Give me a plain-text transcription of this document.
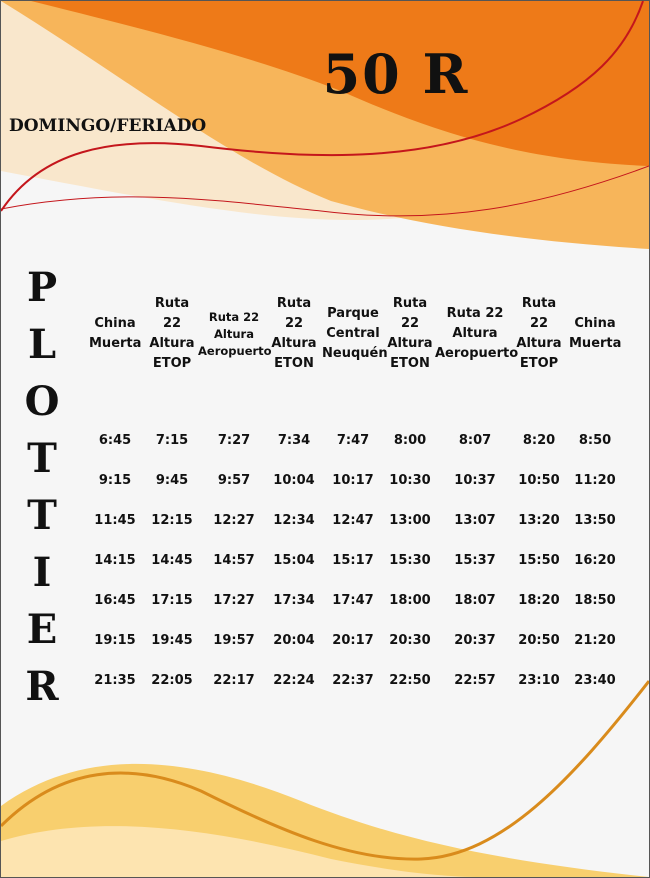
50 R
DOMINGO/FERIADO
PLOTTIER
China Muerta
Ruta 22 Altura ETOP
Ruta 22 Altura Aeropuerto
Ruta 22 Altura ETON
Parque Central Neuquén
Ruta 22 Altura ETON
Ruta 22 Altura Aeropuerto
Ruta 22 Altura ETOP
China Muerta
6:45 7:15 7:27 7:34 7:47 8:00	8:07 8:20 8:50
9:15 9:45 9:57 10:04 10:17 10:30 10:37 10:50 11:20
11:45 12:15 12:27 12:34 12:47 13:00 13:07 13:20 13:50
14:15 14:45 14:57 15:04 15:17 15:30 15:37 15:50 16:20
16:45 17:15 17:27 17:34 17:47 18:00 18:07 18:20 18:50
19:15 19:45 19:57 20:04 20:17 20:30 20:37 20:50 21:20
21:35 22:05 22:17 22:24 22:37 22:50 22:57 23:10 23:40
